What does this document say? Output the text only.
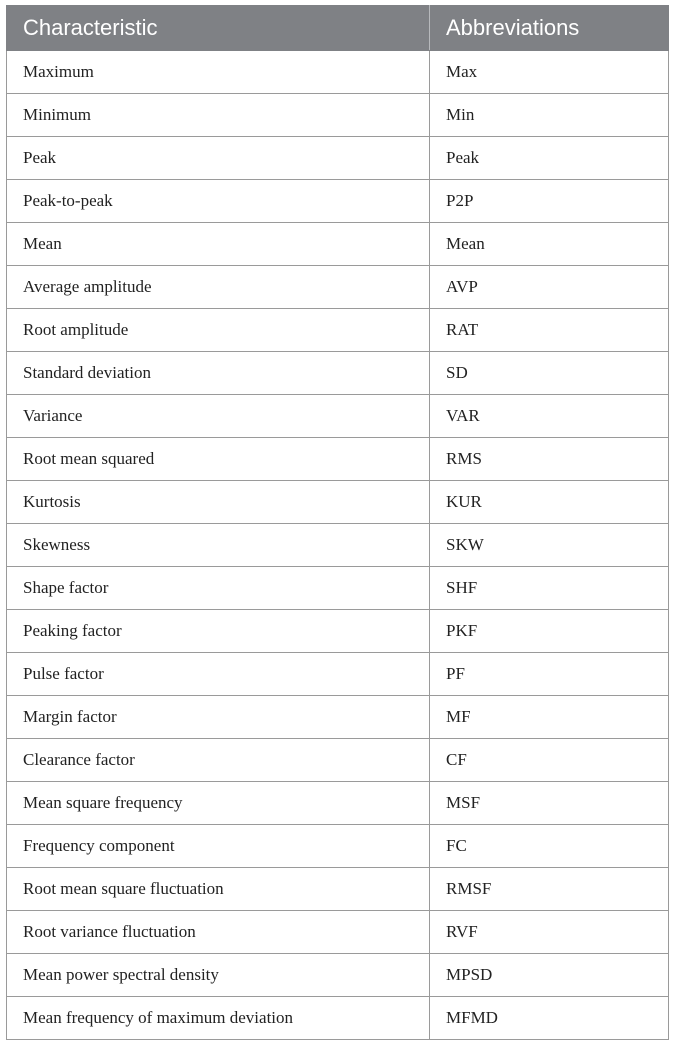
Characteristic	Abbreviations
Maximum	Max
Minimum	Min
Peak	Peak
Peak-to-peak	P2P
Mean	Mean
Average amplitude	AVP
Root amplitude	RAT
Standard deviation	SD
Variance	VAR
Root mean squared	RMS
Kurtosis	KUR
Skewness	SKW
Shape factor	SHF
Peaking factor	PKF
Pulse factor	PF
Margin factor	MF
Clearance factor	CF
Mean square frequency	MSF
Frequency component	FC
Root mean square fluctuation	RMSF
Root variance fluctuation	RVF
Mean power spectral density	MPSD
Mean frequency of maximum deviation	MFMD
